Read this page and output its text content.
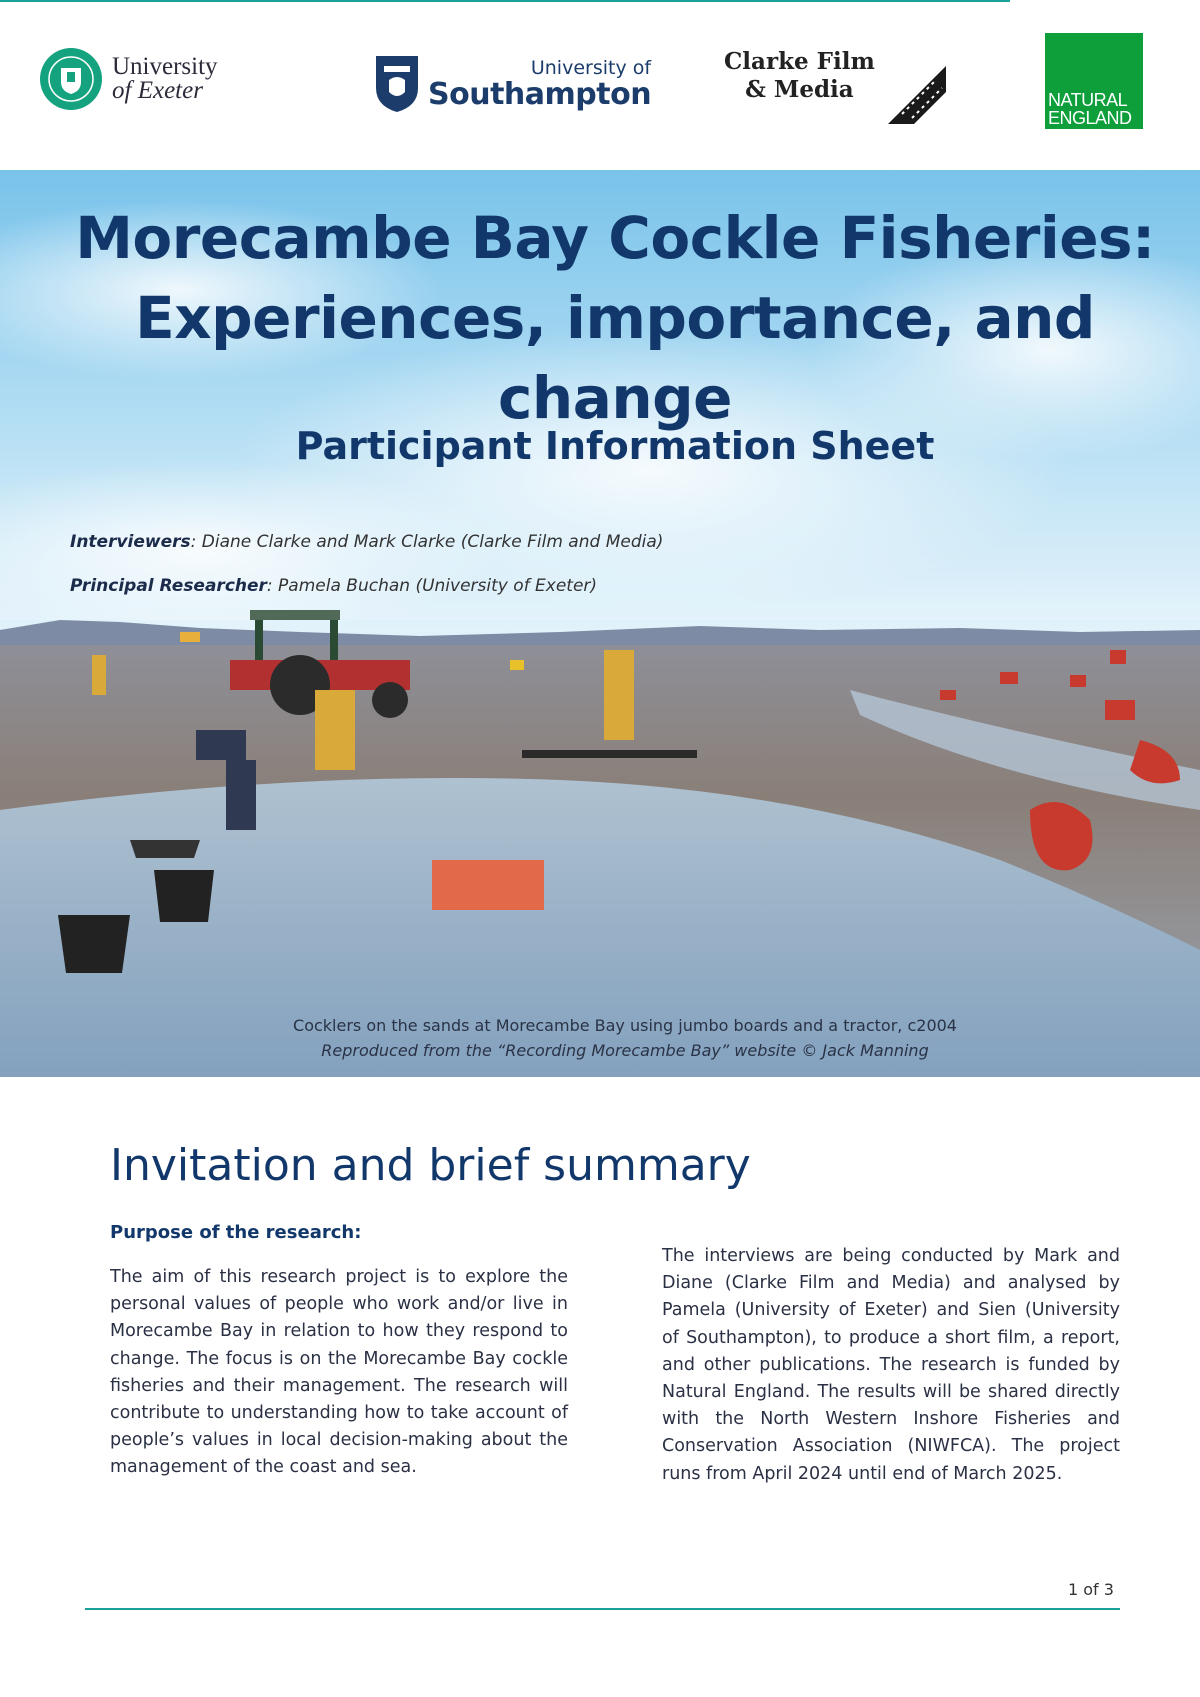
University
of Exeter
University of
Southampton
Clarke Film
& Media	NATURAL
ENGLAND
Morecambe Bay Cockle Fisheries: Experiences, importance, and change
Participant Information Sheet
Interviewers: Diane Clarke and Mark Clarke (Clarke Film and Media)
Principal Researcher: Pamela Buchan (University of Exeter)
Cocklers on the sands at Morecambe Bay using jumbo boards and a tractor, c2004
Reproduced from the “Recording Morecambe Bay” website © Jack Manning
Invitation and brief summary
Purpose of the research:

The aim of this research project is to explore the personal values of people who work and/or live in Morecambe Bay in relation to how they respond to change. The focus is on the Morecambe Bay cockle fisheries and their management. The research will contribute to understanding how to take account of people’s values in local decision-making about the management of the coast and sea.

The interviews are being conducted by Mark and Diane (Clarke Film and Media) and analysed by Pamela (University of Exeter) and Sien (University of Southampton), to produce a short film, a report, and other publications. The research is funded by Natural England. The results will be shared directly with the North Western Inshore Fisheries and Conservation Association (NIWFCA). The project runs from April 2024 until end of March 2025.

1 of 3
